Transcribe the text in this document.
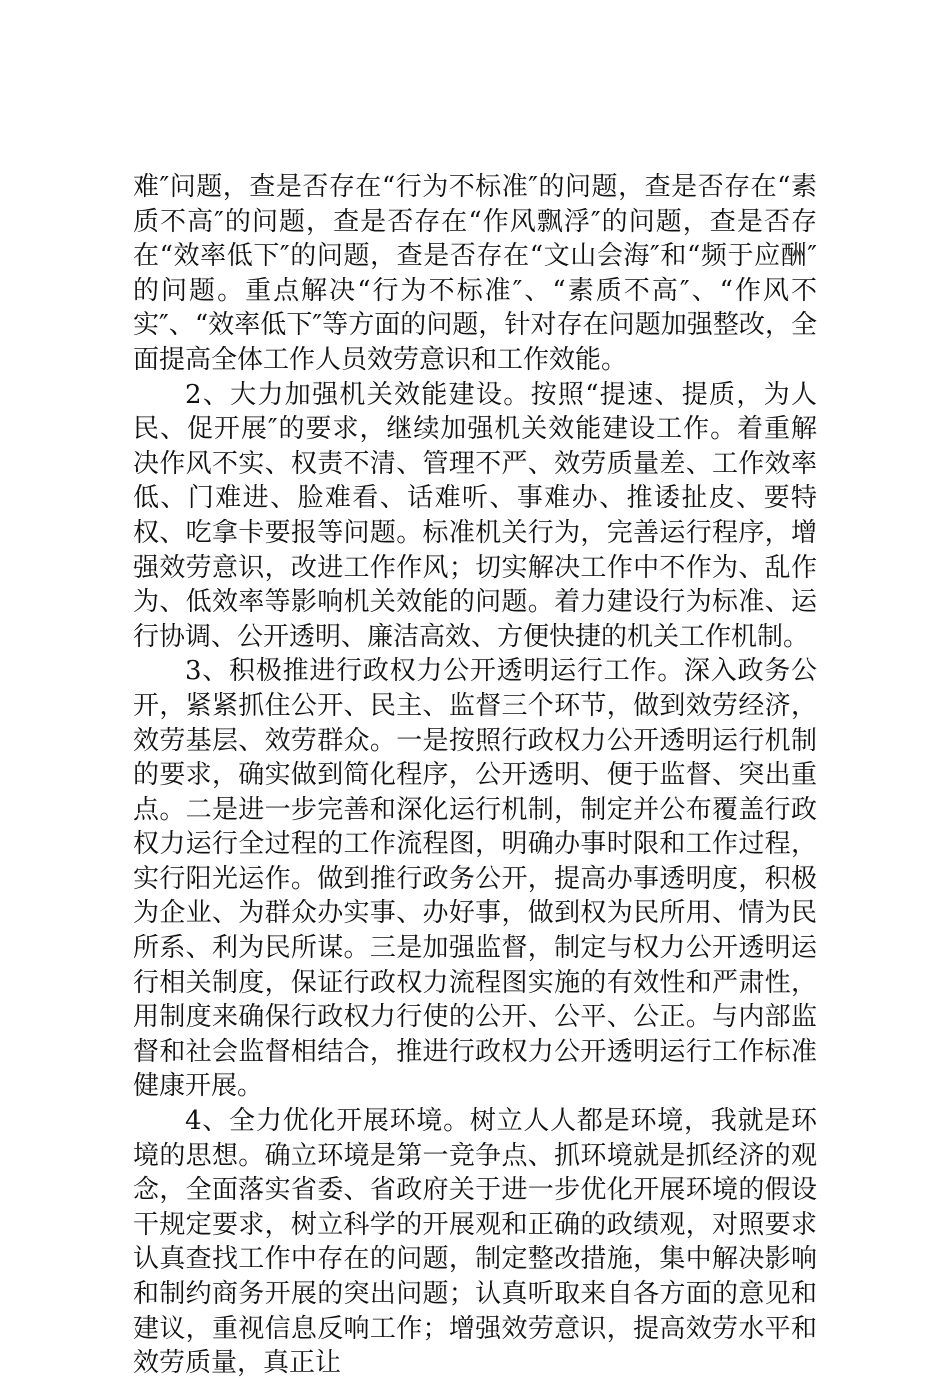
难″问题，查是否存在“行为不标准″的问题，查是否存在“素质不高″的问题，查是否存在“作风飘浮″的问题，查是否存在“效率低下″的问题，查是否存在“文山会海″和“频于应酬″的问题。重点解决“行为不标准″、“素质不高″、“作风不实″、“效率低下″等方面的问题，针对存在问题加强整改，全面提高全体工作人员效劳意识和工作效能。

2、大力加强机关效能建设。按照“提速、提质，为人民、促开展″的要求，继续加强机关效能建设工作。着重解决作风不实、权责不清、管理不严、效劳质量差、工作效率低、门难进、脸难看、话难听、事难办、推诿扯皮、要特权、吃拿卡要报等问题。标准机关行为，完善运行程序，增强效劳意识，改进工作作风；切实解决工作中不作为、乱作为、低效率等影响机关效能的问题。着力建设行为标准、运行协调、公开透明、廉洁高效、方便快捷的机关工作机制。

3、积极推进行政权力公开透明运行工作。深入政务公开，紧紧抓住公开、民主、监督三个环节，做到效劳经济，效劳基层、效劳群众。一是按照行政权力公开透明运行机制的要求，确实做到简化程序，公开透明、便于监督、突出重点。二是进一步完善和深化运行机制，制定并公布覆盖行政权力运行全过程的工作流程图，明确办事时限和工作过程，实行阳光运作。做到推行政务公开，提高办事透明度，积极为企业、为群众办实事、办好事，做到权为民所用、情为民所系、利为民所谋。三是加强监督，制定与权力公开透明运行相关制度，保证行政权力流程图实施的有效性和严肃性，用制度来确保行政权力行使的公开、公平、公正。与内部监督和社会监督相结合，推进行政权力公开透明运行工作标准健康开展。

4、全力优化开展环境。树立人人都是环境，我就是环境的思想。确立环境是第一竞争点、抓环境就是抓经济的观念，全面落实省委、省政府关于进一步优化开展环境的假设干规定要求，树立科学的开展观和正确的政绩观，对照要求认真查找工作中存在的问题，制定整改措施，集中解决影响和制约商务开展的突出问题；认真听取来自各方面的意见和建议，重视信息反响工作；增强效劳意识，提高效劳水平和效劳质量，真正让
